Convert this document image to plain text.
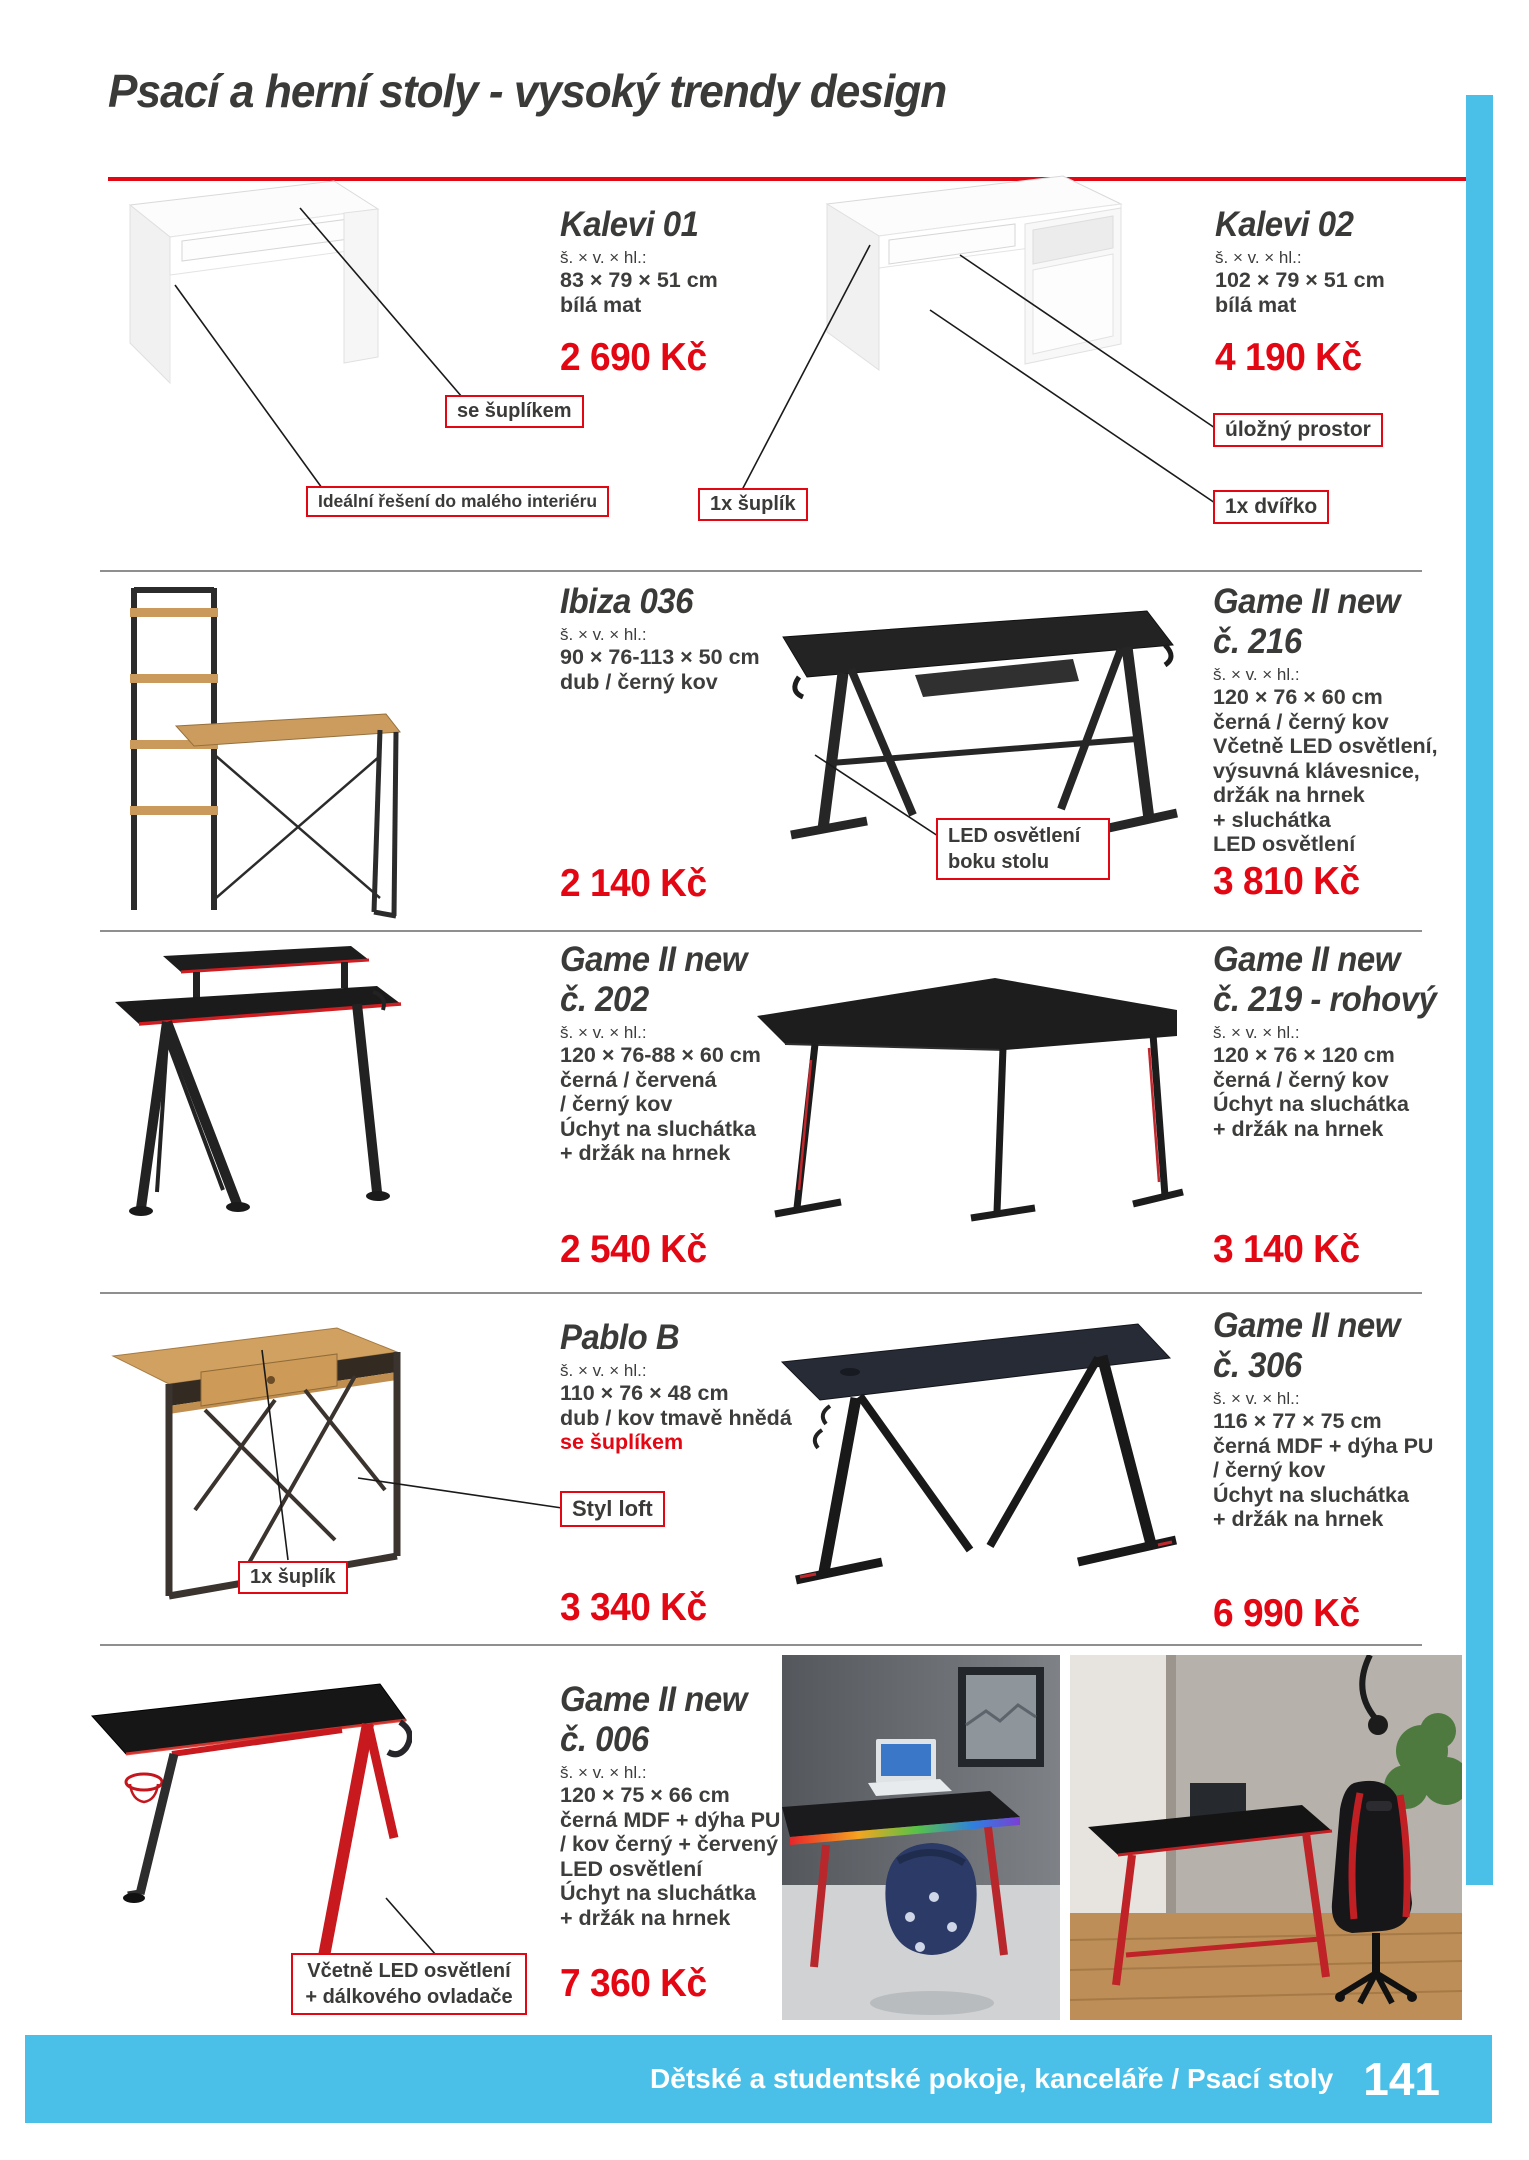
Psací a herní stoly - vysoký trendy design
se šuplíkem
Ideální řešení do malého interiéru	1x šuplík
úložný prostor
1x dvířko
LED osvětlení boku stolu
Styl loft
1x šuplík
Včetně LED osvětlení + dálkového ovladače
Kalevi 01
š. × v. × hl.:
83 × 79 × 51 cm
bílá mat
2 690 Kč
Kalevi 02
š. × v. × hl.:
102 × 79 × 51 cm
bílá mat
4 190 Kč
Ibiza 036
š. × v. × hl.:
90 × 76-113 × 50 cm
dub / černý kov
2 140 Kč
Game II new
č. 216
š. × v. × hl.:
120 × 76 × 60 cm
černá / černý kov
Včetně LED osvětlení,
výsuvná klávesnice,
držák na hrnek
+ sluchátka
LED osvětlení
3 810 Kč
Game II new
č. 202
š. × v. × hl.:
120 × 76-88 × 60 cm
černá / červená
/ černý kov
Úchyt na sluchátka
+ držák na hrnek
2 540 Kč
Game II new
č. 219 - rohový
š. × v. × hl.:
120 × 76 × 120 cm
černá / černý kov
Úchyt na sluchátka
+ držák na hrnek
3 140 Kč
Pablo B
š. × v. × hl.:
110 × 76 × 48 cm
dub / kov tmavě hnědá
se šuplíkem
3 340 Kč
Game II new
č. 306
š. × v. × hl.:
116 × 77 × 75 cm
černá MDF + dýha PU
/ černý kov
Úchyt na sluchátka
+ držák na hrnek
6 990 Kč
Game II new
č. 006
š. × v. × hl.:
120 × 75 × 66 cm
černá MDF + dýha PU
/ kov černý + červený
LED osvětlení
Úchyt na sluchátka
+ držák na hrnek
7 360 Kč
Dětské a studentské pokoje, kanceláře / Psací stoly 141
